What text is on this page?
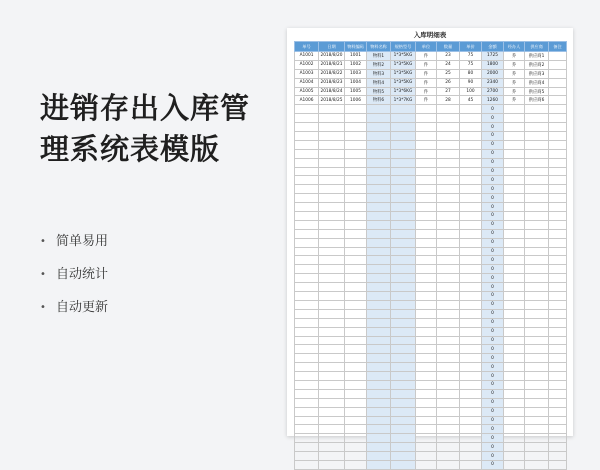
进销存出入库管
理系统表模版
• 简单易用
• 自动统计
• 自动更新
入库明细表
单号	日期	物料编码	物料名称	规格型号	单位	数量	单价	金额	经办人	供应商	备注
A1001	2018/8/20	1001	物料1	1*3*5KG	件	23	75	1725	乔	供应商1	
A1002	2018/8/21	1002	物料2	1*3*5KG	件	24	75	1800	乔	供应商2	
A1003	2018/8/22	1003	物料3	1*3*5KG	件	25	80	2000	乔	供应商3	
A1004	2018/8/23	1004	物料4	1*3*5KG	件	26	90	2340	乔	供应商4	
A1005	2018/8/24	1005	物料5	1*3*6KG	件	27	100	2700	乔	供应商5	
A1006	2018/8/25	1006	物料6	1*3*7KG	件	28	45	1260	乔	供应商6	
								0			
								0			
								0			
								0			
								0			
								0			
								0			
								0			
								0			
								0			
								0			
								0			
								0			
								0			
								0			
								0			
								0			
								0			
								0			
								0			
								0			
								0			
								0			
								0			
								0			
								0			
								0			
								0			
								0			
								0			
								0			
								0			
								0			
								0			
								0			
								0			
								0			
								0			
								0			
								0			
								0			
